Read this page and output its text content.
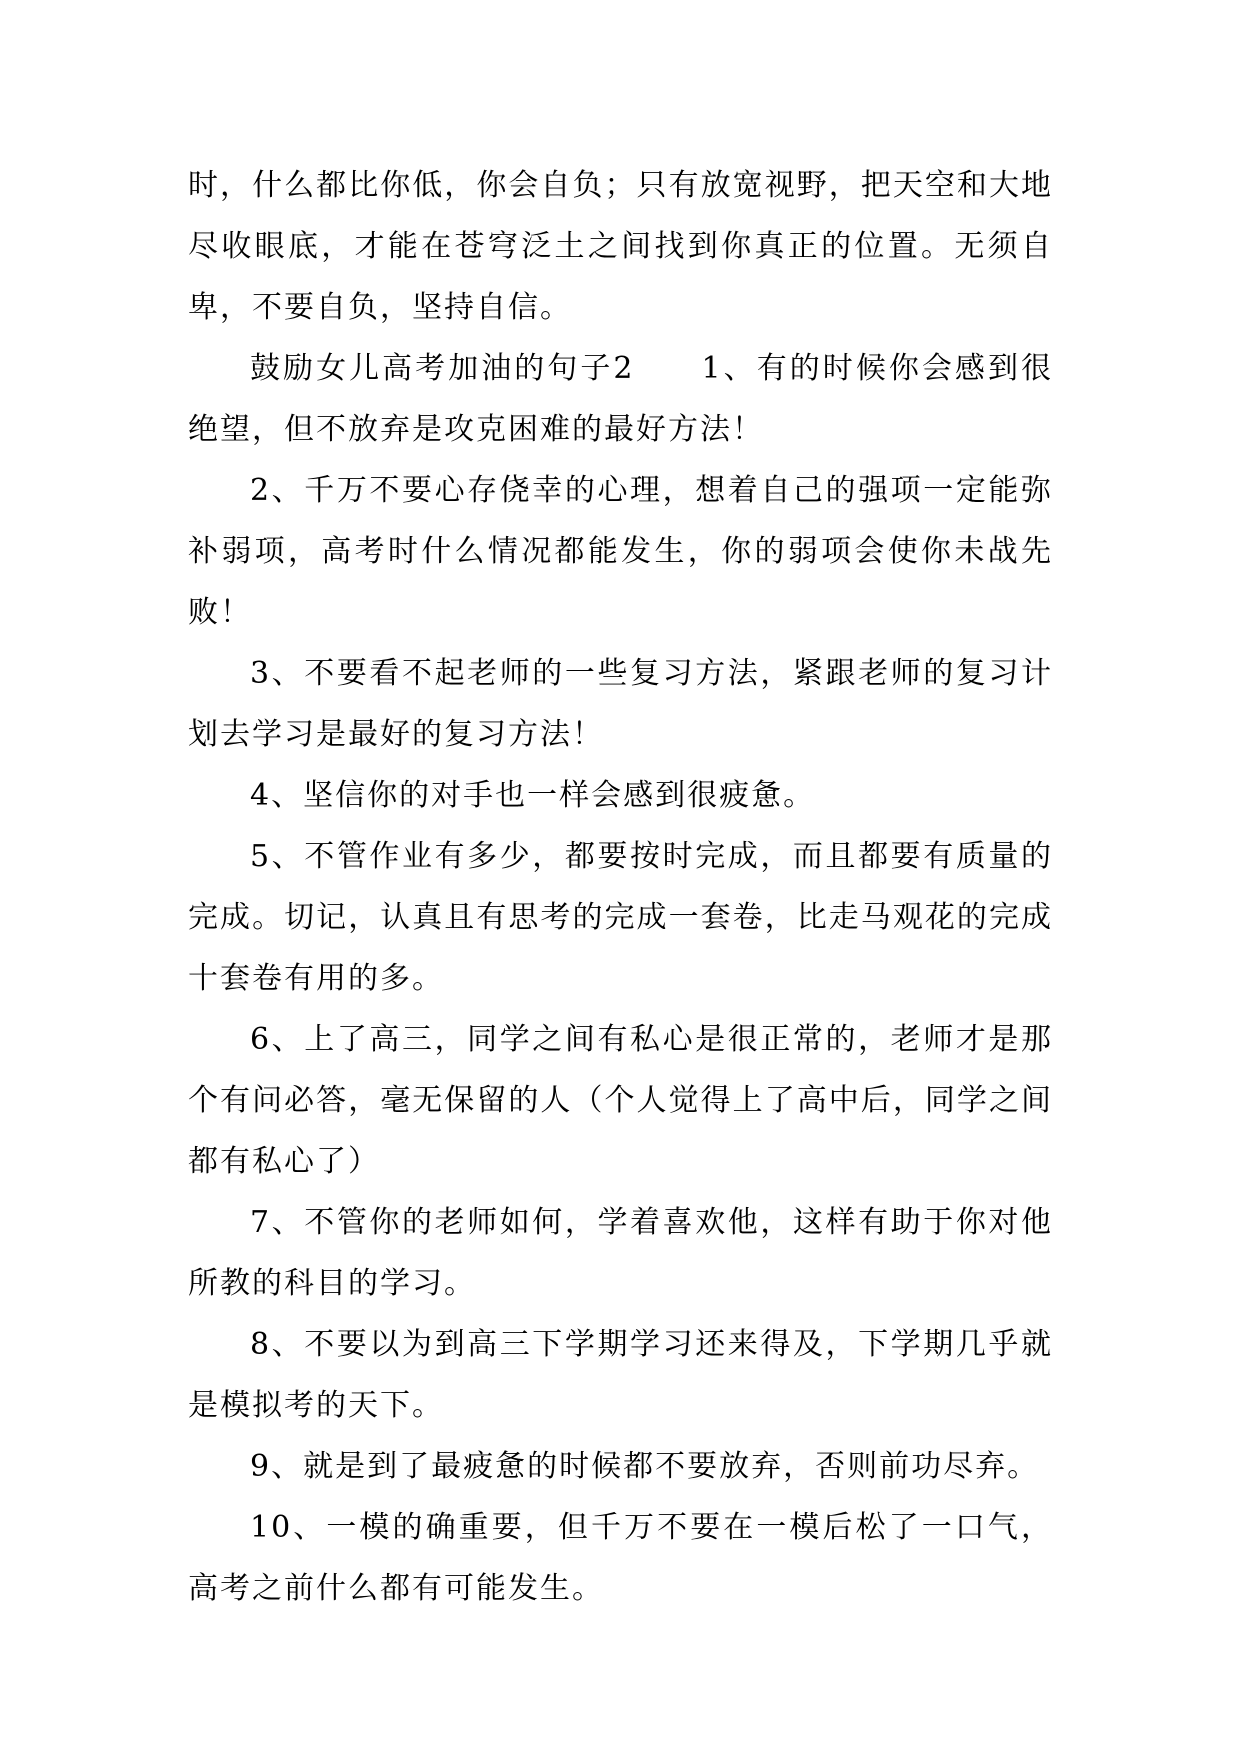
时，什么都比你低，你会自负；只有放宽视野，把天空和大地尽收眼底，才能在苍穹泛土之间找到你真正的位置。无须自卑，不要自负，坚持自信。

鼓励女儿高考加油的句子2　　1、有的时候你会感到很绝望，但不放弃是攻克困难的最好方法！

2、千万不要心存侥幸的心理，想着自己的强项一定能弥补弱项，高考时什么情况都能发生，你的弱项会使你未战先败！

3、不要看不起老师的一些复习方法，紧跟老师的复习计划去学习是最好的复习方法！

4、坚信你的对手也一样会感到很疲惫。

5、不管作业有多少，都要按时完成，而且都要有质量的完成。切记，认真且有思考的完成一套卷，比走马观花的完成十套卷有用的多。

6、上了高三，同学之间有私心是很正常的，老师才是那个有问必答，毫无保留的人（个人觉得上了高中后，同学之间都有私心了）

7、不管你的老师如何，学着喜欢他，这样有助于你对他所教的科目的学习。

8、不要以为到高三下学期学习还来得及，下学期几乎就是模拟考的天下。

9、就是到了最疲惫的时候都不要放弃，否则前功尽弃。

10、一模的确重要，但千万不要在一模后松了一口气，高考之前什么都有可能发生。
